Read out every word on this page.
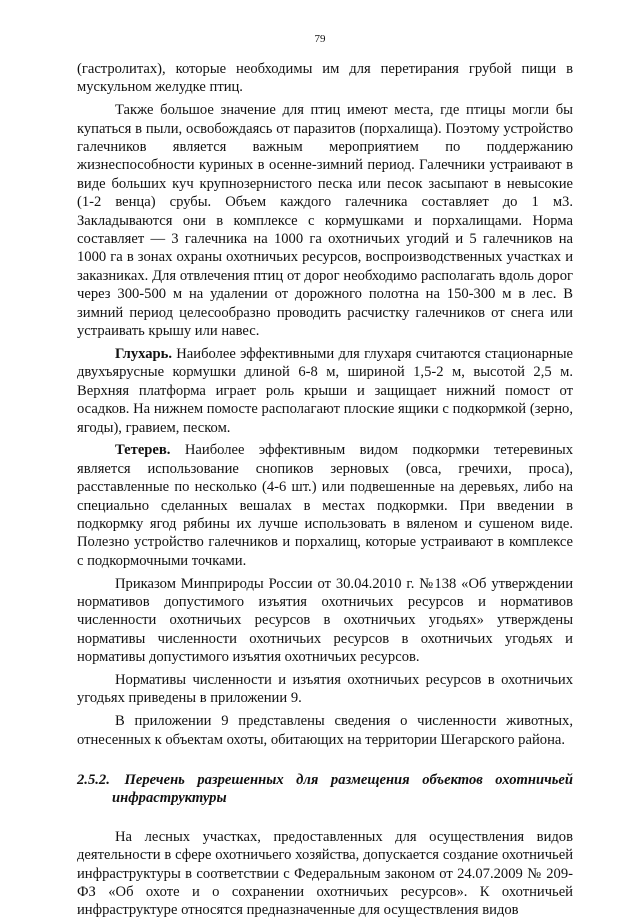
79

(гастролитах), которые необходимы им для перетирания грубой пищи в мускульном желудке птиц.

Также большое значение для птиц имеют места, где птицы могли бы купаться в пыли, освобождаясь от паразитов (порхалища). Поэтому устройство галечников является важным мероприятием по поддержанию жизнеспособности куриных в осенне-зимний период. Галечники устраивают в виде больших куч крупнозернистого песка или песок засыпают в невысокие (1-2 венца) срубы. Объем каждого галечника составляет до 1 м3. Закладываются они в комплексе с кормушками и порхалищами. Норма составляет — 3 галечника на 1000 га охотничьих угодий и 5 галечников на 1000 га в зонах охраны охотничьих ресурсов, воспроизводственных участках и заказниках. Для отвлечения птиц от дорог необходимо располагать вдоль дорог через 300-500 м на удалении от дорожного полотна на 150-300 м в лес. В зимний период целесообразно проводить расчистку галечников от снега или устраивать крышу или навес.

Глухарь. Наиболее эффективными для глухаря считаются стационарные двухъярусные кормушки длиной 6-8 м, шириной 1,5-2 м, высотой 2,5 м. Верхняя платформа играет роль крыши и защищает нижний помост от осадков. На нижнем помосте располагают плоские ящики с подкормкой (зерно, ягоды), гравием, песком.

Тетерев. Наиболее эффективным видом подкормки тетеревиных является использование снопиков зерновых (овса, гречихи, проса), расставленные по несколько (4-6 шт.) или подвешенные на деревьях, либо на специально сделанных вешалах в местах подкормки. При введении в подкормку ягод рябины их лучше использовать в вяленом и сушеном виде. Полезно устройство галечников и порхалищ, которые устраивают в комплексе с подкормочными точками.

Приказом Минприроды России от 30.04.2010 г. №138 «Об утверждении нормативов допустимого изъятия охотничьих ресурсов и нормативов численности охотничьих ресурсов в охотничьих угодьях» утверждены нормативы численности охотничьих ресурсов в охотничьих угодьях и нормативы допустимого изъятия охотничьих ресурсов.

Нормативы численности и изъятия охотничьих ресурсов в охотничьих угодьях приведены в приложении 9.

В приложении 9 представлены сведения о численности животных, отнесенных к объектам охоты, обитающих на территории Шегарского района.

2.5.2. Перечень разрешенных для размещения объектов охотничьей инфраструктуры

На лесных участках, предоставленных для осуществления видов деятельности в сфере охотничьего хозяйства, допускается создание охотничьей инфраструктуры в соответствии с Федеральным законом от 24.07.2009 № 209-ФЗ «Об охоте и о сохранении охотничьих ресурсов». К охотничьей инфраструктуре относятся предназначенные для осуществления видов
